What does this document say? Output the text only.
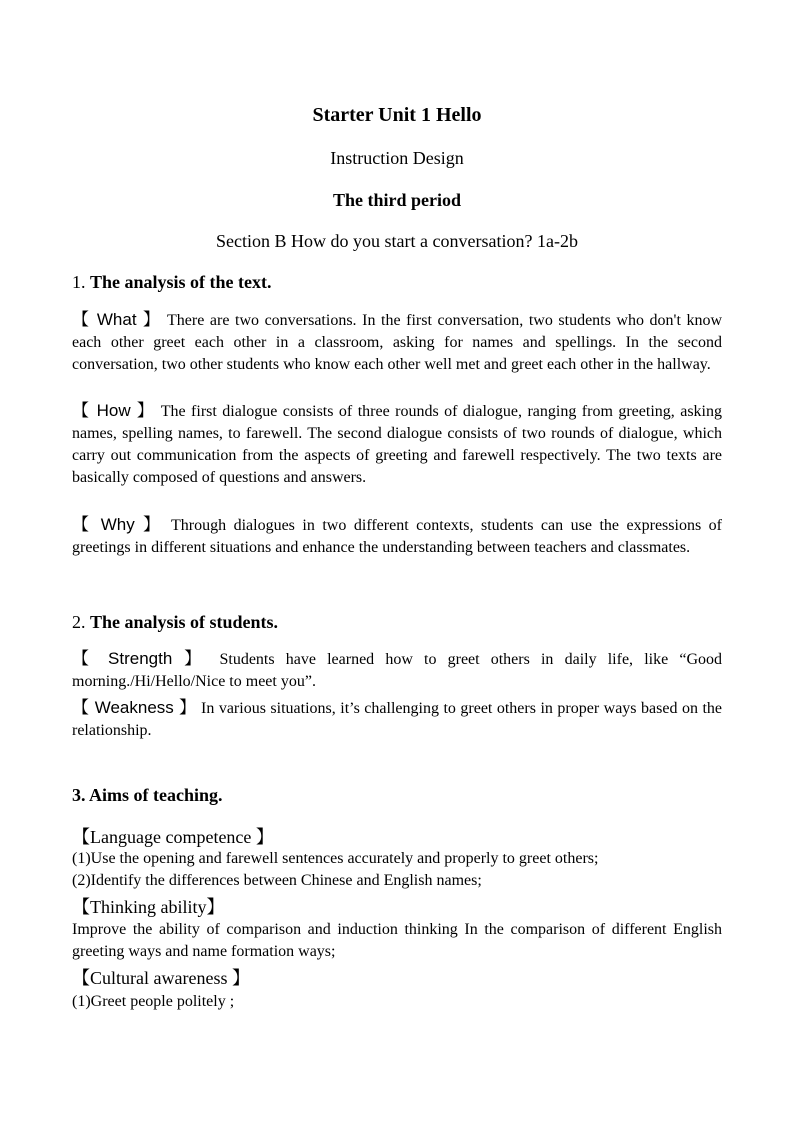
Starter Unit 1 Hello
Instruction Design
The third period
Section B How do you start a conversation? 1a-2b
1. The analysis of the text.
【 What 】 There are two conversations. In the first conversation, two students who don't know each other greet each other in a classroom, asking for names and spellings. In the second conversation, two other students who know each other well met and greet each other in the hallway.
【 How 】 The first dialogue consists of three rounds of dialogue, ranging from greeting, asking names, spelling names, to farewell. The second dialogue consists of two rounds of dialogue, which carry out communication from the aspects of greeting and farewell respectively. The two texts are basically composed of questions and answers.
【 Why 】 Through dialogues in two different contexts, students can use the expressions of greetings in different situations and enhance the understanding between teachers and classmates.
2. The analysis of students.
【 Strength 】 Students have learned how to greet others in daily life, like “Good morning./Hi/Hello/Nice to meet you”.
【 Weakness 】 In various situations, it’s challenging to greet others in proper ways based on the relationship.
3. Aims of teaching.
【Language competence 】
(1)Use the opening and farewell sentences accurately and properly to greet others;
(2)Identify the differences between Chinese and English names;
【Thinking ability】
Improve the ability of comparison and induction thinking In the comparison of different English greeting ways and name formation ways;
【Cultural awareness 】
(1)Greet people politely ;
